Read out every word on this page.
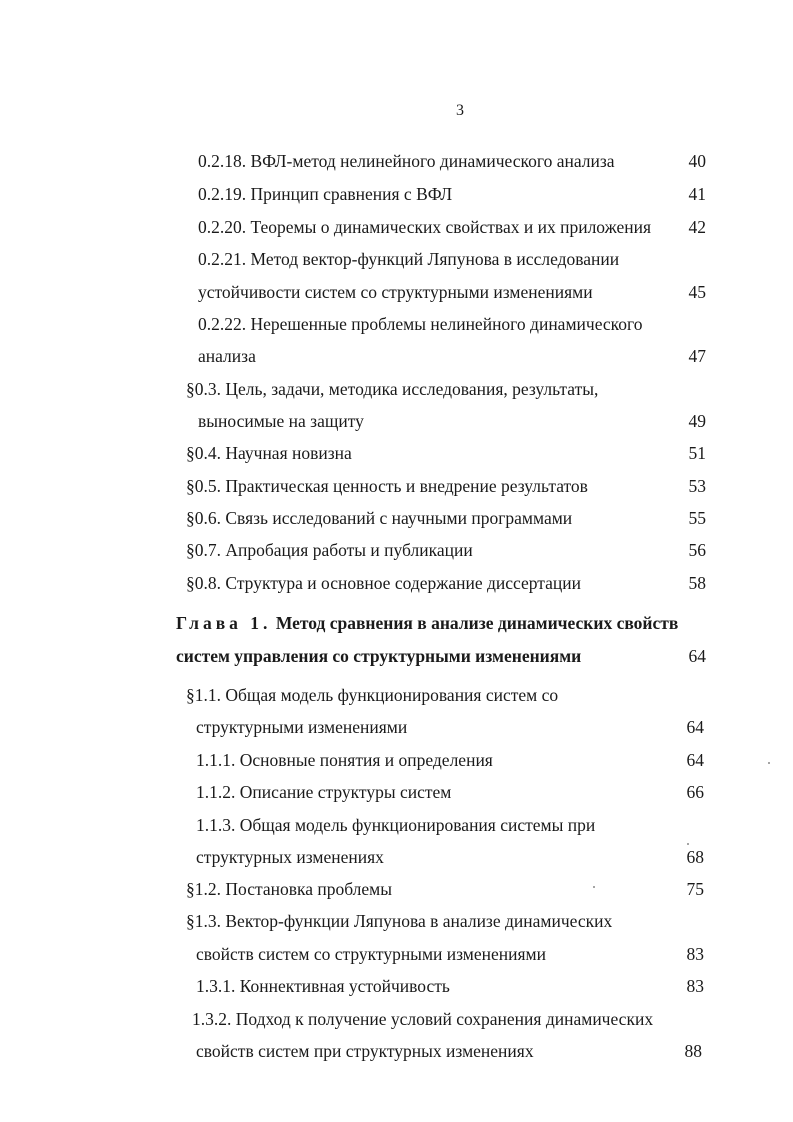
3
0.2.18. ВФЛ-метод нелинейного динамического анализа	40
0.2.19. Принцип сравнения с ВФЛ	41
0.2.20. Теоремы о динамических свойствах и их приложения	42
0.2.21. Метод вектор-функций Ляпунова в исследовании
устойчивости систем со структурными изменениями	45
0.2.22. Нерешенные проблемы нелинейного динамического
анализа	47
§0.3. Цель, задачи, методика исследования, результаты,
выносимые на защиту	49
§0.4. Научная новизна	51
§0.5. Практическая ценность и внедрение результатов	53
§0.6. Связь исследований с научными программами	55
§0.7. Апробация работы и публикации	56
§0.8. Структура и основное содержание диссертации	58
Глава 1. Метод сравнения в анализе динамических свойств
систем управления со структурными изменениями	64
§1.1. Общая модель функционирования систем со
структурными изменениями	64
1.1.1. Основные понятия и определения	64
1.1.2. Описание структуры систем	66
1.1.3. Общая модель функционирования системы при
структурных изменениях	68
§1.2. Постановка проблемы	75
§1.3. Вектор-функции Ляпунова в анализе динамических
свойств систем со структурными изменениями	83
1.3.1. Коннективная устойчивость	83
1.3.2. Подход к получение условий сохранения динамических
свойств систем при структурных изменениях	88
